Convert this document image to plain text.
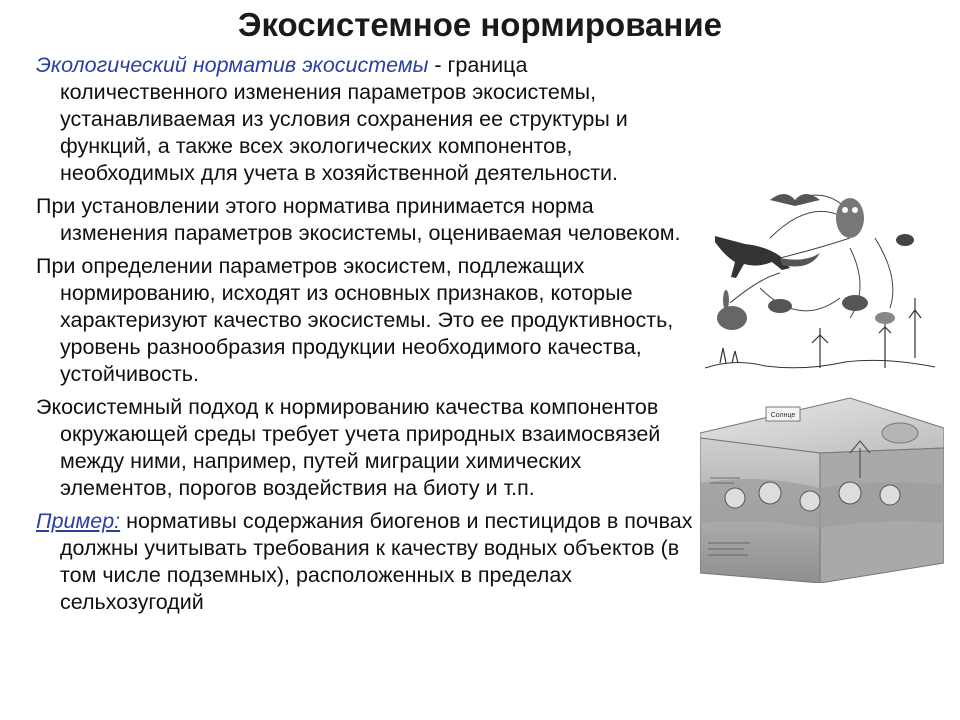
Экосистемное нормирование

Экологический норматив экосистемы - граница количественного изменения параметров экосистемы, устанавливаемая из условия сохранения ее структуры и функций, а также всех экологических компонентов, необходимых для учета в хозяйственной деятельности.

При установлении этого норматива принимается норма изменения параметров экосистемы, оцениваемая человеком.

При определении параметров экосистем, подлежащих нормированию, исходят из основных признаков, которые характеризуют качество экосистемы. Это ее продуктивность, уровень разнообразия продукции необходимого качества, устойчивость.

Экосистемный подход к нормированию качества компонентов окружающей среды требует учета природных взаимосвязей между ними, например, путей миграции химических элементов, порогов воздействия на биоту и т.п.

Пример: нормативы содержания биогенов и пестицидов в почвах должны учитывать требования к качеству водных объектов (в том числе подземных), расположенных в пределах сельхозугодий

Солнце
